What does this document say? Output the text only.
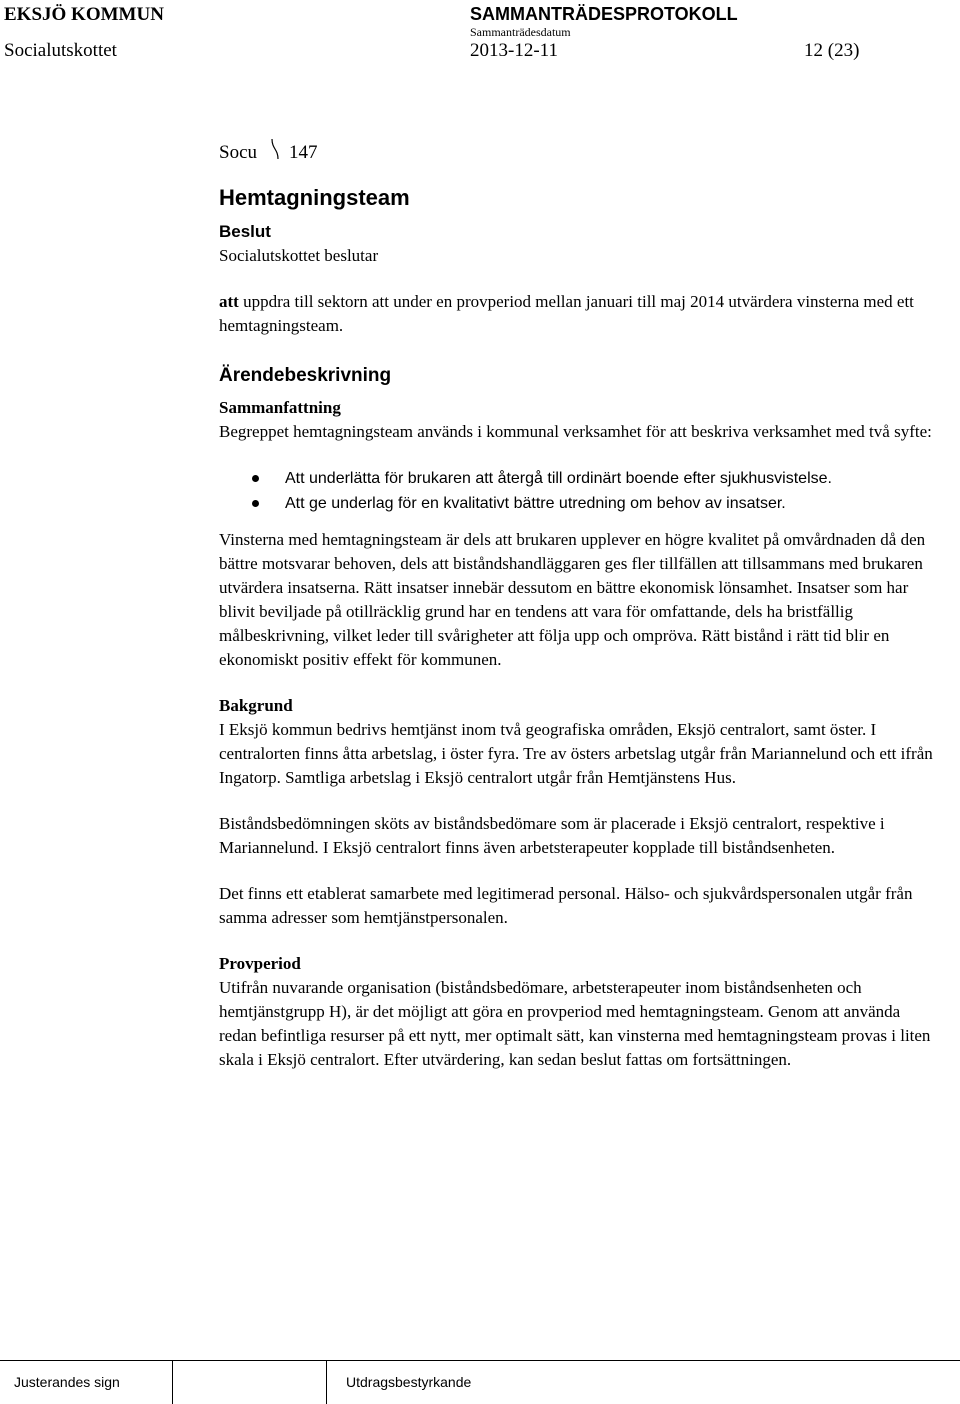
EKSJÖ KOMMUN
Socialutskottet
SAMMANTRÄDESPROTOKOLL
Sammanträdesdatum
2013-12-11	12 (23)
Socu 147
Hemtagningsteam
Beslut

Socialutskottet beslutar

att uppdra till sektorn att under en provperiod mellan januari till maj 2014 utvärdera vinsterna med ett hemtagningsteam.

Ärendebeskrivning
Sammanfattning

Begreppet hemtagningsteam används i kommunal verksamhet för att beskriva verksamhet med två syfte:

Att underlätta för brukaren att återgå till ordinärt boende efter sjukhusvistelse.
Att ge underlag för en kvalitativt bättre utredning om behov av insatser.

Vinsterna med hemtagningsteam är dels att brukaren upplever en högre kvalitet på omvårdnaden då den bättre motsvarar behoven, dels att biståndshandläggaren ges fler tillfällen att tillsammans med brukaren utvärdera insatserna. Rätt insatser innebär dessutom en bättre ekonomisk lönsamhet. Insatser som har blivit beviljade på otillräcklig grund har en tendens att vara för omfattande, dels ha bristfällig målbeskrivning, vilket leder till svårigheter att följa upp och ompröva. Rätt bistånd i rätt tid blir en ekonomiskt positiv effekt för kommunen.

Bakgrund

I Eksjö kommun bedrivs hemtjänst inom två geografiska områden, Eksjö centralort, samt öster. I centralorten finns åtta arbetslag, i öster fyra. Tre av östers arbetslag utgår från Mariannelund och ett ifrån Ingatorp. Samtliga arbetslag i Eksjö centralort utgår från Hemtjänstens Hus.

Biståndsbedömningen sköts av biståndsbedömare som är placerade i Eksjö centralort, respektive i Mariannelund. I Eksjö centralort finns även arbetsterapeuter kopplade till biståndsenheten.

Det finns ett etablerat samarbete med legitimerad personal. Hälso- och sjukvårdspersonalen utgår från samma adresser som hemtjänstpersonalen.

Provperiod

Utifrån nuvarande organisation (biståndsbedömare, arbetsterapeuter inom biståndsenheten och hemtjänstgrupp H), är det möjligt att göra en provperiod med hemtagningsteam. Genom att använda redan befintliga resurser på ett nytt, mer optimalt sätt, kan vinsterna med hemtagningsteam provas i liten skala i Eksjö centralort. Efter utvärdering, kan sedan beslut fattas om fortsättningen.

Justerandes sign	Utdragsbestyrkande
